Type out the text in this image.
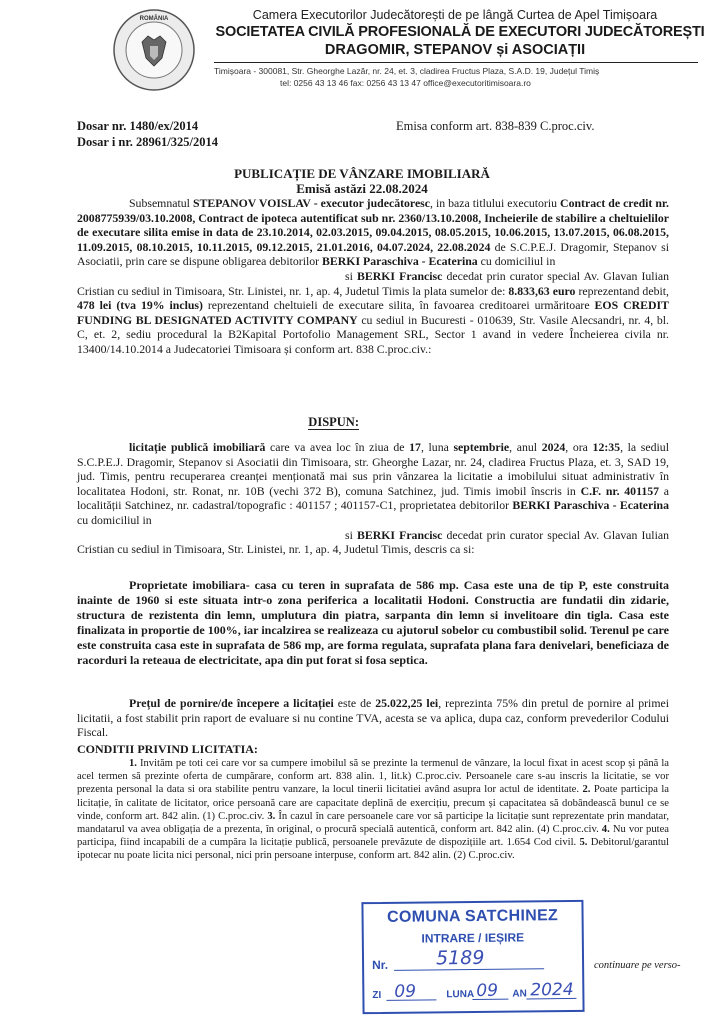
ROMÂNIA	Camera Executorilor Judecătorești de pe lângă Curtea de Apel Timișoara
SOCIETATEA CIVILĂ PROFESIONALĂ DE EXECUTORI JUDECĂTOREȘTI
DRAGOMIR, STEPANOV și ASOCIAȚII
Timișoara - 300081, Str. Gheorghe Lazăr, nr. 24, et. 3, cladirea Fructus Plaza, S.A.D. 19, Județul Timiș
tel: 0256 43 13 46 fax: 0256 43 13 47 office@executoritimisoara.ro
Dosar nr. 1480/ex/2014
Dosar i nr. 28961/325/2014
Emisa conform art. 838-839 C.proc.civ.
PUBLICAȚIE DE VÂNZARE IMOBILIARĂ
Emisă astăzi 22.08.2024
Subsemnatul STEPANOV VOISLAV - executor judecătoresc, in baza titlului executoriu Contract de credit nr. 2008775939/03.10.2008, Contract de ipoteca autentificat sub nr. 2360/13.10.2008, Incheierile de stabilire a cheltuielilor de executare silita emise in data de 23.10.2014, 02.03.2015, 09.04.2015, 08.05.2015, 10.06.2015, 13.07.2015, 06.08.2015, 11.09.2015, 08.10.2015, 10.11.2015, 09.12.2015, 21.01.2016, 04.07.2024, 22.08.2024 de S.C.P.E.J. Dragomir, Stepanov si Asociatii, prin care se dispune obligarea debitorilor BERKI Paraschiva - Ecaterina cu domiciliul in
si BERKI Francisc decedat prin curator special Av. Glavan Iulian Cristian cu sediul in Timisoara, Str. Linistei, nr. 1, ap. 4, Judetul Timis la plata sumelor de: 8.833,63 euro reprezentand debit, 478 lei (tva 19% inclus) reprezentand cheltuieli de executare silita, în favoarea creditoarei urmăritoare EOS CREDIT FUNDING BL DESIGNATED ACTIVITY COMPANY cu sediul in Bucuresti - 010639, Str. Vasile Alecsandri, nr. 4, bl. C, et. 2, sediu procedural la B2Kapital Portofolio Management SRL, Sector 1 avand in vedere Încheierea civila nr. 13400/14.10.2014 a Judecatoriei Timisoara și conform art. 838 C.proc.civ.:
DISPUN:
licitație publică imobiliară care va avea loc în ziua de 17, luna septembrie, anul 2024, ora 12:35, la sediul S.C.P.E.J. Dragomir, Stepanov si Asociatii din Timisoara, str. Gheorghe Lazar, nr. 24, cladirea Fructus Plaza, et. 3, SAD 19, jud. Timis, pentru recuperarea creanței menționată mai sus prin vânzarea la licitatie a imobilului situat administrativ în localitatea Hodoni, str. Ronat, nr. 10B (vechi 372 B), comuna Satchinez, jud. Timis imobil înscris in C.F. nr. 401157 a localității Satchinez, nr. cadastral/topografic : 401157 ; 401157-C1, proprietatea debitorilor BERKI Paraschiva - Ecaterina cu domiciliul in
si BERKI Francisc decedat prin curator special Av. Glavan Iulian Cristian cu sediul in Timisoara, Str. Linistei, nr. 1, ap. 4, Judetul Timis, descris ca si:
Proprietate imobiliara- casa cu teren in suprafata de 586 mp. Casa este una de tip P, este construita inainte de 1960 si este situata intr-o zona periferica a localitatii Hodoni. Constructia are fundatii din zidarie, structura de rezistenta din lemn, umplutura din piatra, sarpanta din lemn si invelitoare din tigla. Casa este finalizata in proportie de 100%, iar incalzirea se realizeaza cu ajutorul sobelor cu combustibil solid. Terenul pe care este construita casa este in suprafata de 586 mp, are forma regulata, suprafata plana fara denivelari, beneficiaza de racorduri la reteaua de electricitate, apa din put forat si fosa septica.
Prețul de pornire/de începere a licitației este de 25.022,25 lei, reprezinta 75% din pretul de pornire al primei licitatii, a fost stabilit prin raport de evaluare si nu contine TVA, acesta se va aplica, dupa caz, conform prevederilor Codului Fiscal.
CONDITII PRIVIND LICITATIA:
1. Invităm pe toti cei care vor sa cumpere imobilul să se prezinte la termenul de vânzare, la locul fixat in acest scop și până la acel termen să prezinte oferta de cumpărare, conform art. 838 alin. 1, lit.k) C.proc.civ. Persoanele care s-au inscris la licitatie, se vor prezenta personal la data si ora stabilite pentru vanzare, la locul tinerii licitatiei având asupra lor actul de identitate. 2. Poate participa la licitație, în calitate de licitator, orice persoană care are capacitate deplină de exercițiu, precum și capacitatea să dobândească bunul ce se vinde, conform art. 842 alin. (1) C.proc.civ. 3. În cazul în care persoanele care vor să participe la licitație sunt reprezentate prin mandatar, mandatarul va avea obligația de a prezenta, în original, o procură specială autentică, conform art. 842 alin. (4) C.proc.civ. 4. Nu vor putea participa, fiind incapabili de a cumpăra la licitație publică, persoanele prevăzute de dispozițiile art. 1.654 Cod civil. 5. Debitorul/garantul ipotecar nu poate licita nici personal, nici prin persoane interpuse, conform art. 842 alin. (2) C.proc.civ.
continuare pe verso-
COMUNA SATCHINEZ
INTRARE / IEȘIRE
Nr.	5189
ZI 09	LUNA 09 AN 2024
